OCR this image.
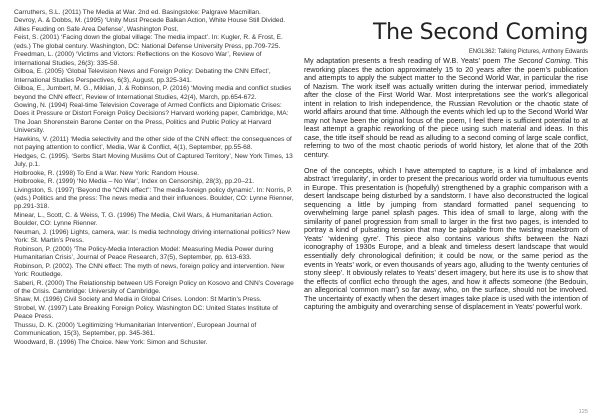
Carruthers, S.L. (2011) The Media at War. 2nd ed. Basingstoke: Palgrave Macmillan.
Devroy, A. & Dobbs, M. (1995) ‘Unity Must Precede Balkan Action, White House Still Divided. Allies Feuding on Safe Area Defense’, Washington Post.
Feist, S. (2001) ‘Facing down the global village: The media impact’. In: Kugler, R. & Frost, E. (eds.) The global century. Washington, DC: National Defense University Press, pp.709-725.
Freedman, L. (2000) ‘Victims and Victors: Reflections on the Kosovo War’, Review of International Studies, 26(3): 335-58.
Gilboa, E. (2005) ‘Global Television News and Foreign Policy: Debating the CNN Effect’, International Studies Perspectives, 6(3), August, pp.325-341.
Gilboa, E., Jumbert, M. G., Miklian, J. & Robinson, P. (2016) ‘Moving media and conflict studies beyond the CNN effect’, Review of International Studies, 42(4), March, pp.654-672.
Gowing, N. (1994) Real-time Television Coverage of Armed Conflicts and Diplomatic Crises: Does it Pressure or Distort Foreign Policy Decisions? Harvard working paper, Cambridge, MA: The Joan Shorenstein Barone Center on the Press, Politics and Public Policy at Harvard University.
Hawkins, V. (2011) ‘Media selectivity and the other side of the CNN effect: the consequences of not paying attention to conflict’, Media, War & Conflict, 4(1), September, pp.55-68.
Hedges, C. (1995). ‘Serbs Start Moving Muslims Out of Captured Territory’, New York Times, 13 July, p.1.
Holbrooke, R. (1998) To End a War. New York: Random House.
Holbrooke, R. (1999) ‘No Media – No War’, Index on Censorship, 28(3), pp.20–21.
Livingston, S. (1997) ‘Beyond the “CNN effect”: The media-foreign policy dynamic’. In: Norris, P. (eds.) Politics and the press: The news media and their influences. Boulder, CO: Lynne Rienner, pp.291-318.
Minear, L., Scott, C. & Weiss, T. G. (1996) The Media, Civil Wars, & Humanitarian Action. Boulder, CO: Lynne Rienner.
Neuman, J. (1996) Lights, camera, war: Is media technology driving international politics? New York: St. Martin’s Press.
Robinson, P. (2000) ‘The Policy-Media Interaction Model: Measuring Media Power during Humanitarian Crisis’, Journal of Peace Research, 37(5), September, pp. 613-633.
Robinson, P. (2002). The CNN effect: The myth of news, foreign policy and intervention. New York: Routledge.
Saberi, R. (2000) The Relationship between US Foreign Policy on Kosovo and CNN’s Coverage of the Crisis. Cambridge: University of Cambridge.
Shaw, M. (1996) Civil Society and Media in Global Crises. London: St Martin’s Press.
Strobel, W. (1997) Late Breaking Foreign Policy. Washington DC: United States Institute of Peace Press.
Thussu, D. K. (2000) ‘Legitimizing ‘Humanitarian Intervention’, European Journal of Communication, 15(3), September, pp. 345-361.
Woodward, B. (1996) The Choice. New York: Simon and Schuster.
The Second Coming
ENGL362: Talking Pictures, Anthony Edwards

My adaptation presents a fresh reading of W.B. Yeats’ poem The Second Coming. This reworking places the action approximately 15 to 20 years after the poem’s publication and attempts to apply the subject matter to the Second World War, in particular the rise of Nazism. The work itself was actually written during the interwar period, immediately after the close of the First World War. Most interpretations see the work’s allegorical intent in relation to Irish independence, the Russian Revolution or the chaotic state of world affairs around that time. Although the events which led up to the Second World War may not have been the original focus of the poem, I feel there is sufficient potential to at least attempt a graphic reworking of the piece using such material and ideas. In this case, the title itself should be read as alluding to a second coming of large scale conflict, referring to two of the most chaotic periods of world history, let alone that of the 20th century.

One of the concepts, which I have attempted to capture, is a kind of imbalance and abstract ‘irregularity’, in order to present the precarious world order via tumultuous events in Europe. This presentation is (hopefully) strengthened by a graphic comparison with a desert landscape being disturbed by a sandstorm. I have also deconstructed the logical sequencing a little by jumping from standard formatted panel sequencing to overwhelming large panel splash pages. This idea of small to large, along with the similarity of panel progression from small to larger in the first two pages, is intended to portray a kind of pulsating tension that may be palpable from the twisting maelstrom of Yeats’ ‘widening gyre’. This piece also contains various shifts between the Nazi iconography of 1930s Europe, and a bleak and timeless desert landscape that would essentially defy chronological definition; it could be now, or the same period as the events in Yeats’ work, or even thousands of years ago, alluding to the ‘twenty centuries of stony sleep’. It obviously relates to Yeats’ desert imagery, but here its use is to show that the effects of conflict echo through the ages, and how it affects someone (the Bedouin, an allegorical ‘common man’) so far away, who, on the surface, should not be involved. The uncertainty of exactly when the desert images take place is used with the intention of capturing the ambiguity and overarching sense of displacement in Yeats’ powerful work.

125
